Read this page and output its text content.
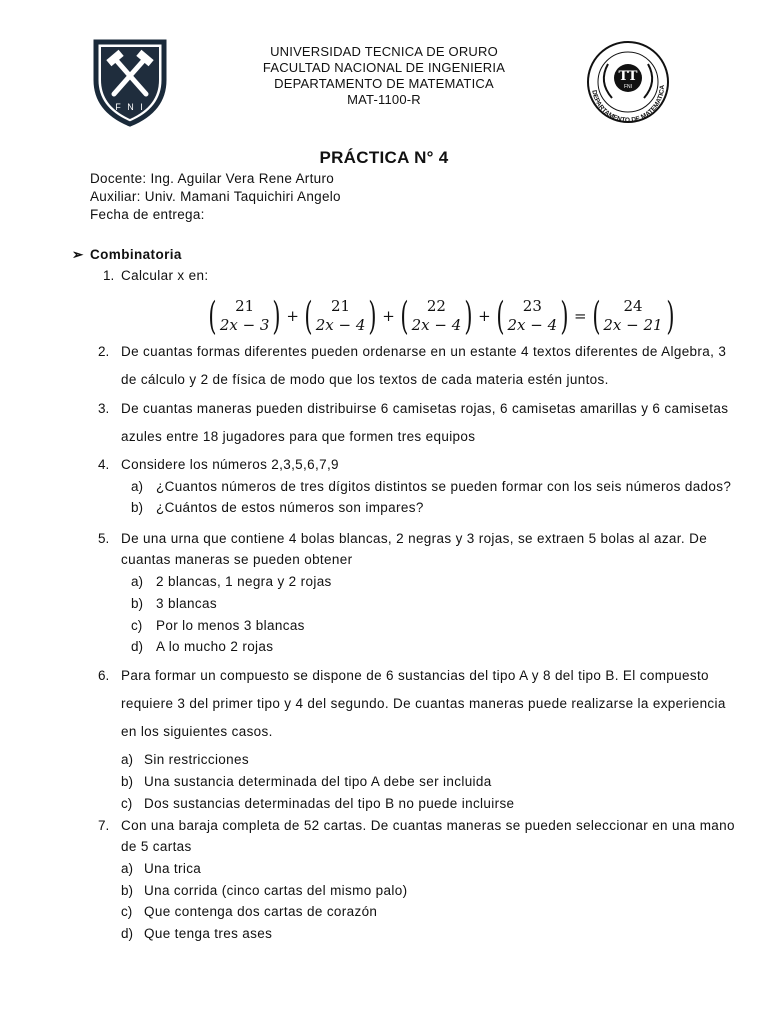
F N I
UNIVERSIDAD TECNICA DE ORURO
FACULTAD NACIONAL DE INGENIERIA
DEPARTAMENTO DE MATEMATICA
MAT-1100-R
TT
FNI
DEPARTAMENTO DE MATEMATICA
PRÁCTICA N° 4
Docente: Ing. Aguilar Vera Rene Arturo
Auxiliar: Univ. Mamani Taquichiri Angelo
Fecha de entrega:
➢ Combinatoria
1. Calcular x en:
( 21
2x − 3 ) + ( 21
2x − 4 ) + ( 22
2x − 4 ) + ( 23
2x − 4 ) = ( 24
2x − 21 )
2. De cuantas formas diferentes pueden ordenarse en un estante 4 textos diferentes de Algebra, 3
de cálculo y 2 de física de modo que los textos de cada materia estén juntos.
3. De cuantas maneras pueden distribuirse 6 camisetas rojas, 6 camisetas amarillas y 6 camisetas
azules entre 18 jugadores para que formen tres equipos
4. Considere los números 2,3,5,6,7,9
a) ¿Cuantos números de tres dígitos distintos se pueden formar con los seis números dados?
b) ¿Cuántos de estos números son impares?
5. De una urna que contiene 4 bolas blancas, 2 negras y 3 rojas, se extraen 5 bolas al azar. De
cuantas maneras se pueden obtener
a) 2 blancas, 1 negra y 2 rojas
b) 3 blancas
c) Por lo menos 3 blancas
d) A lo mucho 2 rojas
6. Para formar un compuesto se dispone de 6 sustancias del tipo A y 8 del tipo B. El compuesto
requiere 3 del primer tipo y 4 del segundo. De cuantas maneras puede realizarse la experiencia
en los siguientes casos.
a) Sin restricciones
b) Una sustancia determinada del tipo A debe ser incluida
c) Dos sustancias determinadas del tipo B no puede incluirse
7. Con una baraja completa de 52 cartas. De cuantas maneras se pueden seleccionar en una mano
de 5 cartas
a) Una trica
b) Una corrida (cinco cartas del mismo palo)
c) Que contenga dos cartas de corazón
d) Que tenga tres ases
